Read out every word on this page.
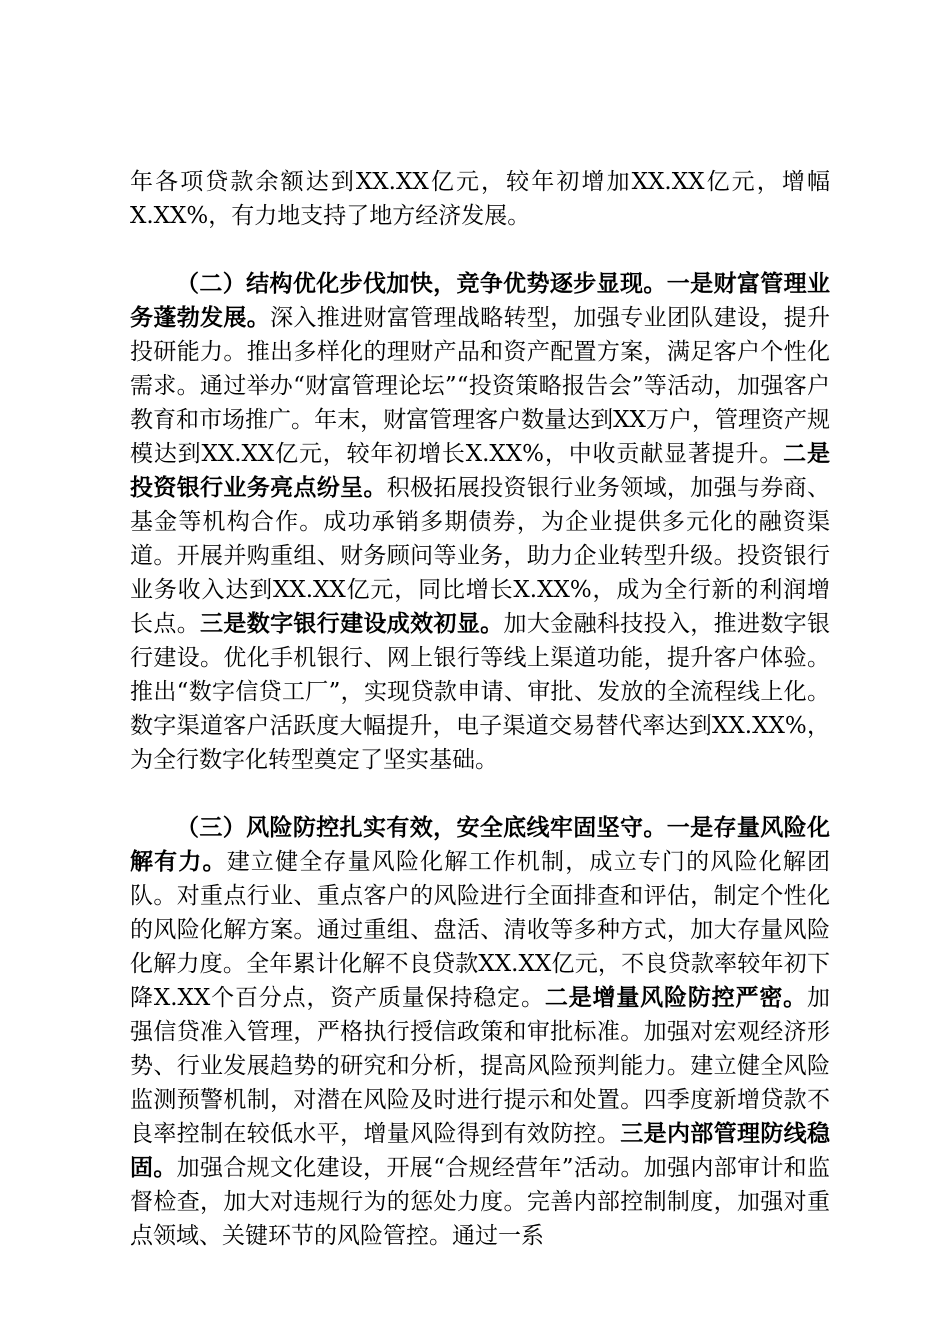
年各项贷款余额达到XX.XX亿元，较年初增加XX.XX亿元，增幅X.XX%，有力地支持了地方经济发展。

（二）结构优化步伐加快，竞争优势逐步显现。一是财富管理业务蓬勃发展。深入推进财富管理战略转型，加强专业团队建设，提升投研能力。推出多样化的理财产品和资产配置方案，满足客户个性化需求。通过举办“财富管理论坛”“投资策略报告会”等活动，加强客户教育和市场推广。年末，财富管理客户数量达到XX万户，管理资产规模达到XX.XX亿元，较年初增长X.XX%，中收贡献显著提升。二是投资银行业务亮点纷呈。积极拓展投资银行业务领域，加强与券商、基金等机构合作。成功承销多期债券，为企业提供多元化的融资渠道。开展并购重组、财务顾问等业务，助力企业转型升级。投资银行业务收入达到XX.XX亿元，同比增长X.XX%，成为全行新的利润增长点。三是数字银行建设成效初显。加大金融科技投入，推进数字银行建设。优化手机银行、网上银行等线上渠道功能，提升客户体验。推出“数字信贷工厂”，实现贷款申请、审批、发放的全流程线上化。数字渠道客户活跃度大幅提升，电子渠道交易替代率达到XX.XX%，为全行数字化转型奠定了坚实基础。

（三）风险防控扎实有效，安全底线牢固坚守。一是存量风险化解有力。建立健全存量风险化解工作机制，成立专门的风险化解团队。对重点行业、重点客户的风险进行全面排查和评估，制定个性化的风险化解方案。通过重组、盘活、清收等多种方式，加大存量风险化解力度。全年累计化解不良贷款XX.XX亿元，不良贷款率较年初下降X.XX个百分点，资产质量保持稳定。二是增量风险防控严密。加强信贷准入管理，严格执行授信政策和审批标准。加强对宏观经济形势、行业发展趋势的研究和分析，提高风险预判能力。建立健全风险监测预警机制，对潜在风险及时进行提示和处置。四季度新增贷款不良率控制在较低水平，增量风险得到有效防控。三是内部管理防线稳固。加强合规文化建设，开展“合规经营年”活动。加强内部审计和监督检查，加大对违规行为的惩处力度。完善内部控制制度，加强对重点领域、关键环节的风险管控。通过一系
